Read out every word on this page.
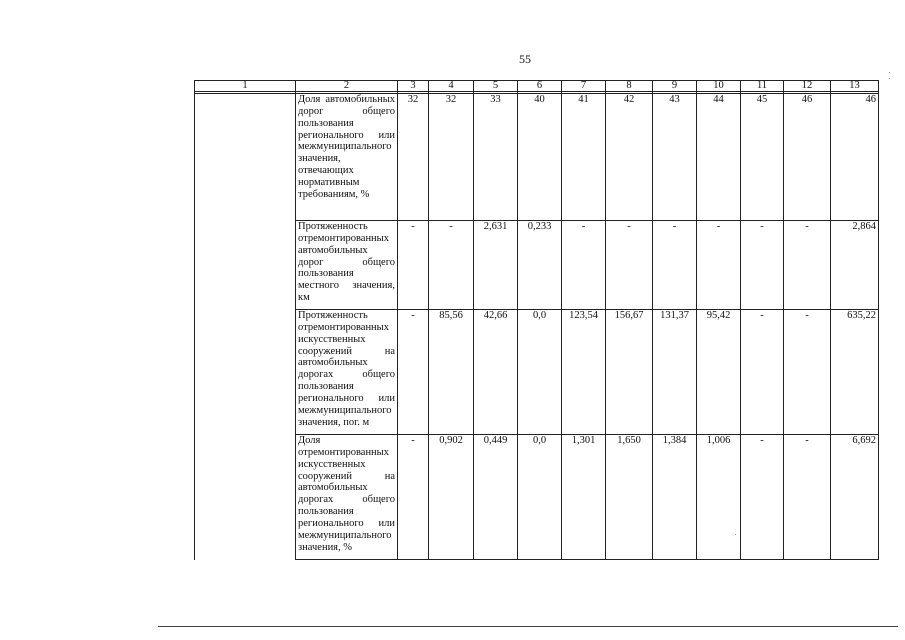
55
1	2	3	4	5	6	7	8	9	10	11	12	13

	Доля автомобильных дорог общего пользования регионального или межмуниципального значения, отвечающих нормативным требованиям, %	32	32	33	40	41	42	43	44	45	46	46
	Протяженность отремонтированных автомобильных дорог общего пользования местного значения, км	-	-	2,631	0,233	-	-	-	-	-	-	2,864
	Протяженность отремонтированных искусственных сооружений на автомобильных дорогах общего пользования регионального или межмуниципального значения, пог. м	-	85,56	42,66	0,0	123,54	156,67	131,37	95,42	-	-	635,22
	Доля отремонтированных искусственных сооружений на автомобильных дорогах общего пользования регионального или межмуниципального значения, %	-	0,902	0,449	0,0	1,301	1,650	1,384	1,006	-	-	6,692
